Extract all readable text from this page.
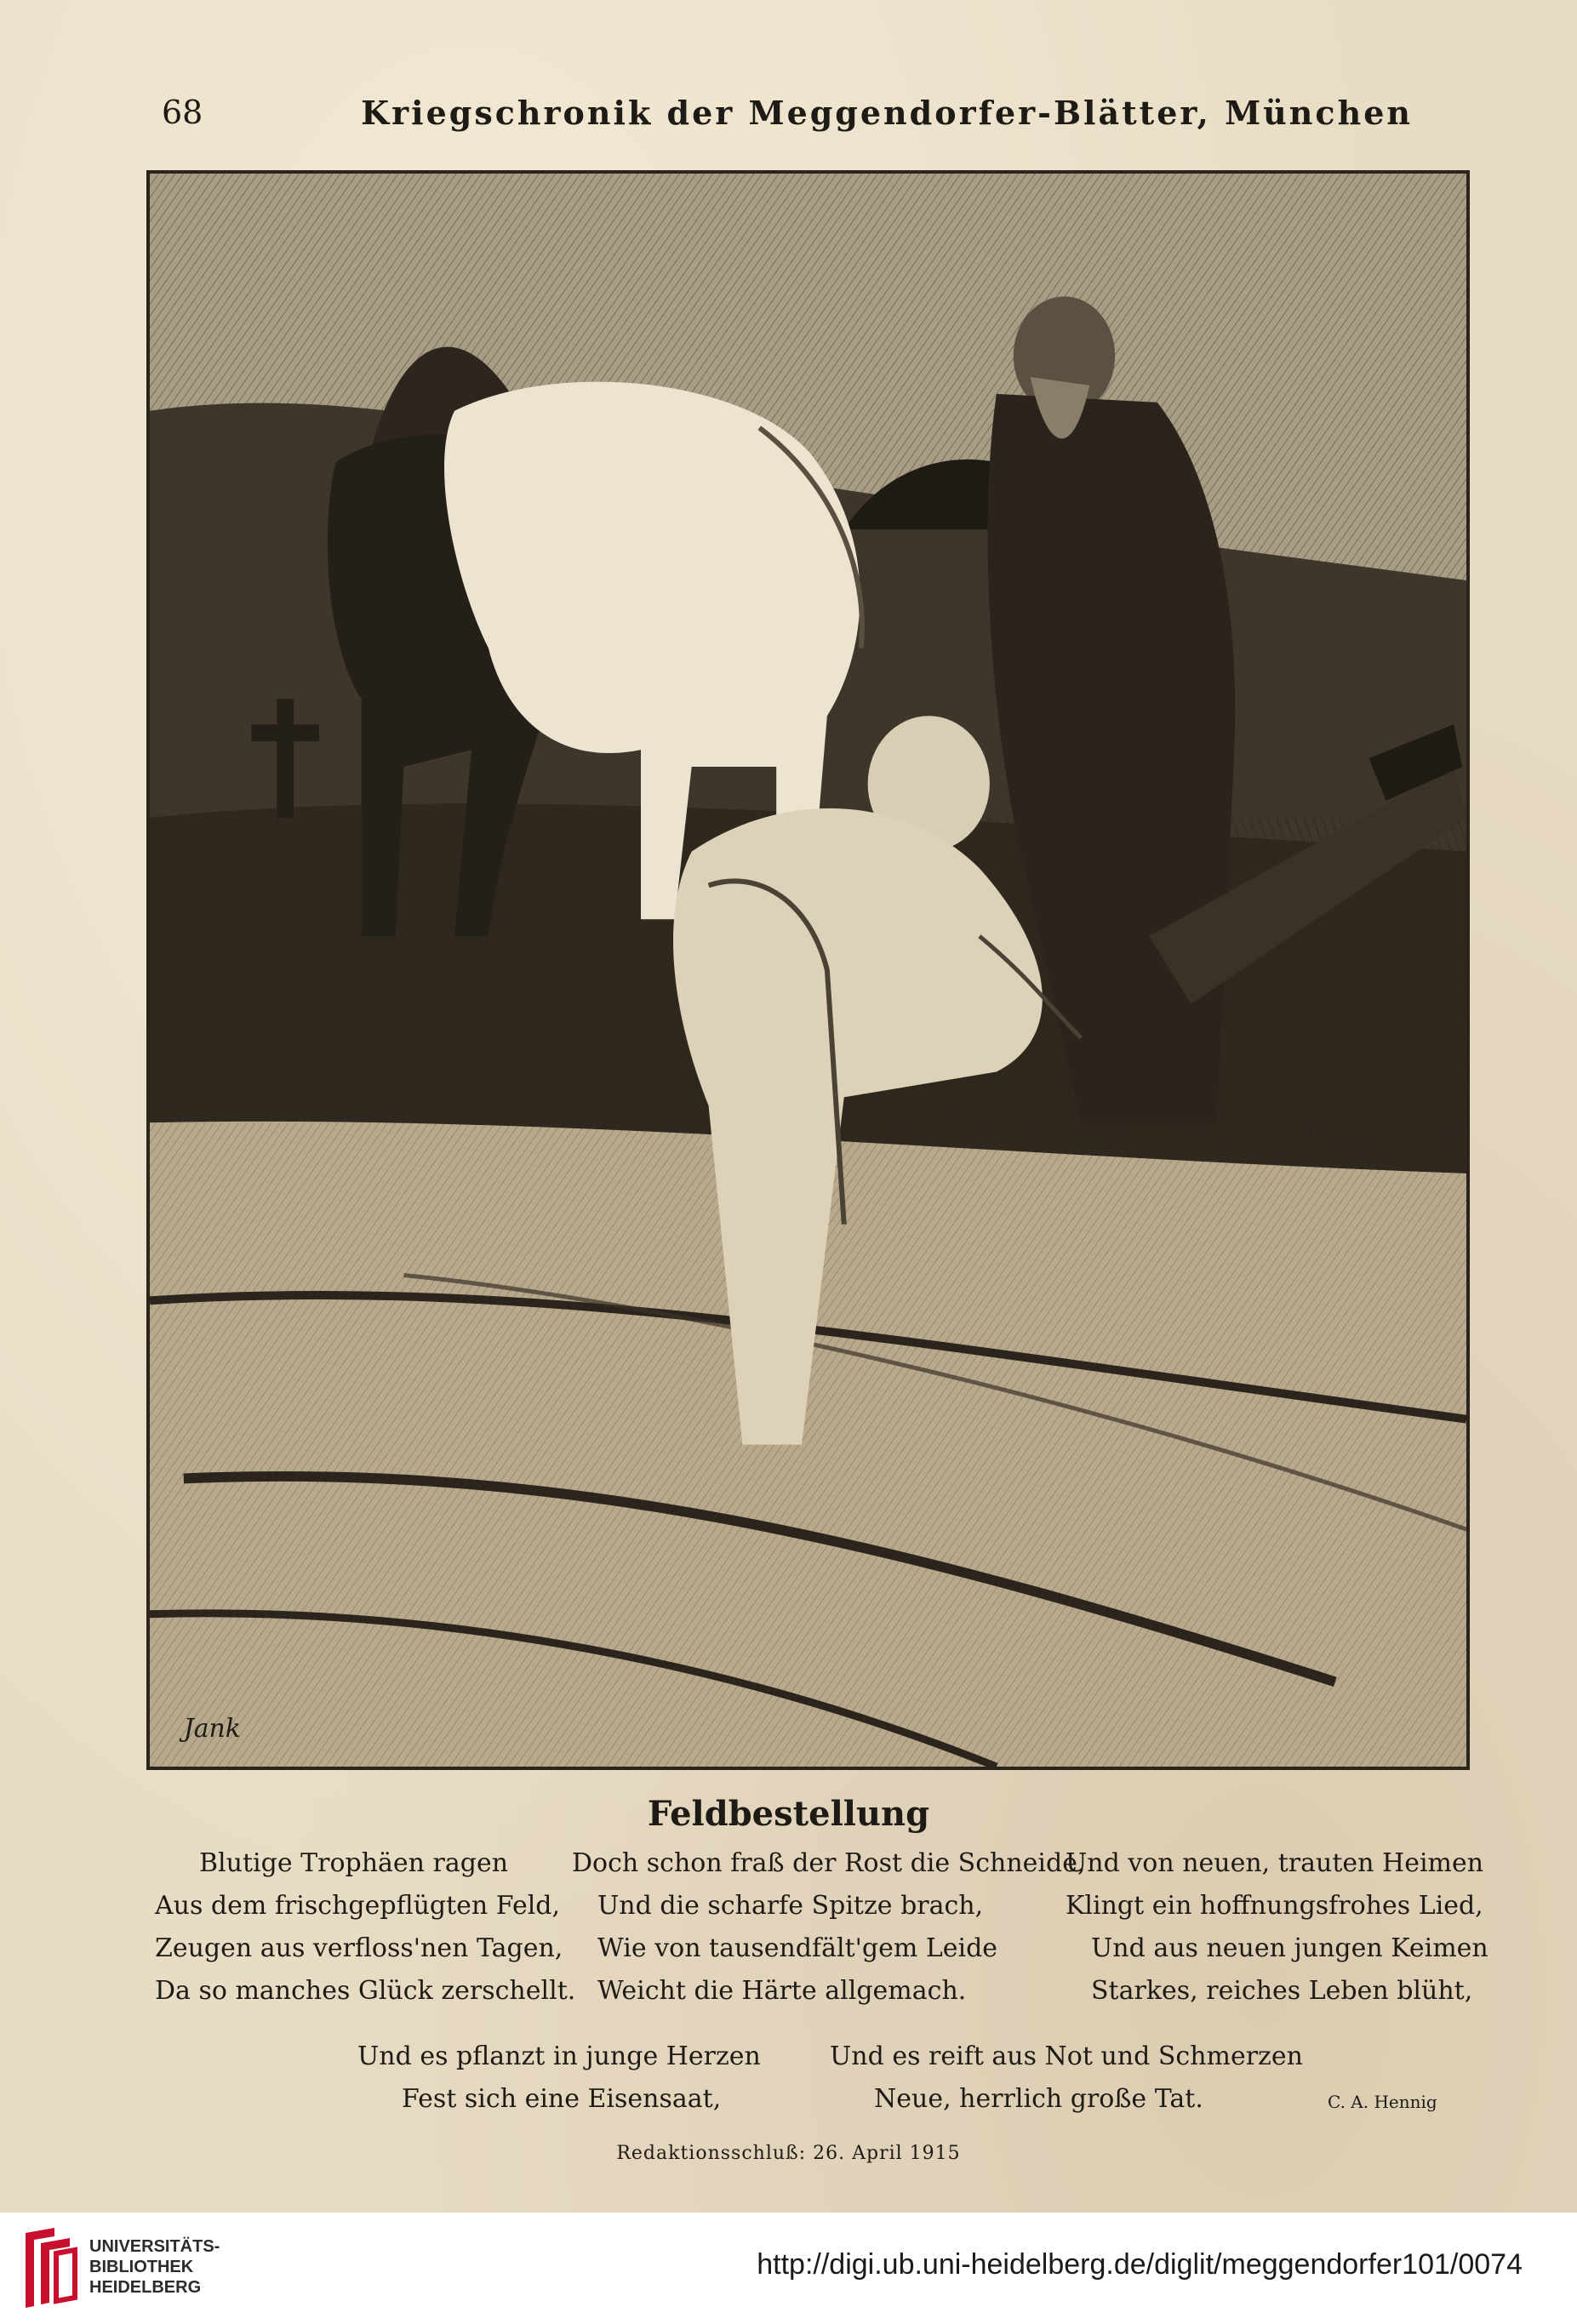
68	Kriegschronik der Meggendorfer-Blätter, München
Jank
Feldbestellung
Blutige Trophäen ragen
Aus dem frischgepflügten Feld,
Zeugen aus verfloss'nen Tagen,
Da so manches Glück zerschellt.
Doch schon fraß der Rost die Schneide,
Und die scharfe Spitze brach,
Wie von tausendfält'gem Leide
Weicht die Härte allgemach.
Und von neuen, trauten Heimen
Klingt ein hoffnungsfrohes Lied,
Und aus neuen jungen Keimen
Starkes, reiches Leben blüht,
Und es pflanzt in junge Herzen
Fest sich eine Eisensaat,
Und es reift aus Not und Schmerzen
Neue, herrlich große Tat.	C. A. Hennig
Redaktionsschluß: 26. April 1915
UNIVERSITÄTS-
BIBLIOTHEK
HEIDELBERG
http://digi.ub.uni-heidelberg.de/diglit/meggendorfer101/0074
